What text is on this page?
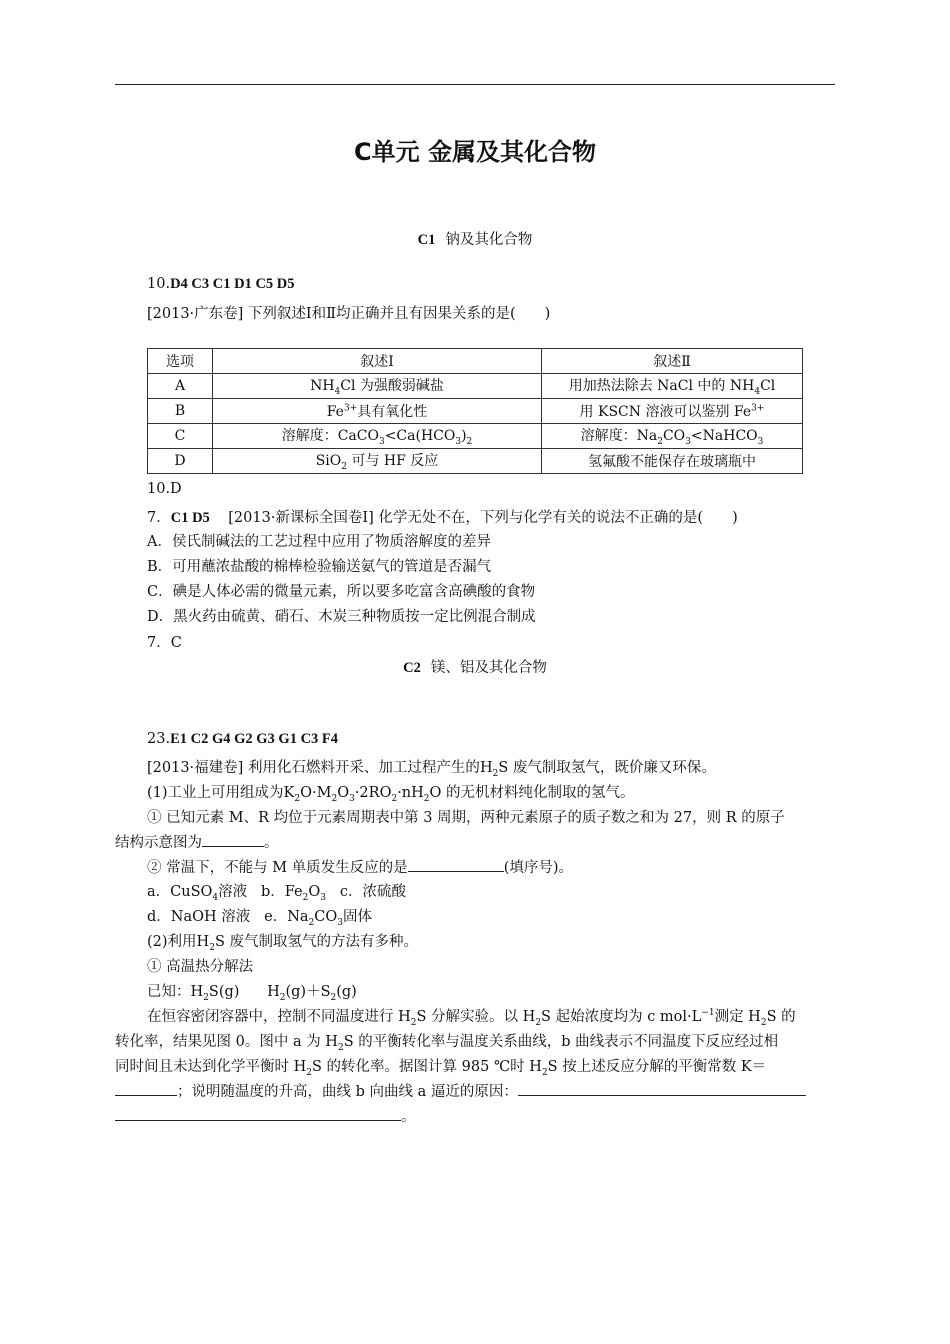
C单元 金属及其化合物
C1 钠及其化合物
10.D4 C3 C1 D1 C5 D5
[2013·广东卷] 下列叙述Ⅰ和Ⅱ均正确并且有因果关系的是(　　)
选项	叙述Ⅰ	叙述Ⅱ
A	$NH_4Cl$ 为强酸弱碱盐	用加热法除去 NaCl 中的 $NH_4Cl$
B	$Fe^{3+}$具有氧化性	用 KSCN 溶液可以鉴别 $Fe^{3+}$
C	溶解度：$CaCO_3<Ca(HCO_3)_2$	溶解度：$Na_2CO_3<NaHCO_3$
D	SiO$_2$ 可与 HF 反应	氢氟酸不能保存在玻璃瓶中
10.D
7．C1 D5 [2013·新课标全国卷Ⅰ] 化学无处不在，下列与化学有关的说法不正确的是(　　)
A．侯氏制碱法的工艺过程中应用了物质溶解度的差异
B．可用蘸浓盐酸的棉棒检验输送氨气的管道是否漏气
C．碘是人体必需的微量元素，所以要多吃富含高碘酸的食物
D．黑火药由硫黄、硝石、木炭三种物质按一定比例混合制成
7．C
C2 镁、铝及其化合物
23.E1 C2 G4 G2 G3 G1 C3 F4
[2013·福建卷] 利用化石燃料开采、加工过程产生的$H_2S$ 废气制取氢气，既价廉又环保。
(1)工业上可用组成为$K_2O\cdot M_2O_3\cdot 2RO_2\cdot nH_2O$ 的无机材料纯化制取的氢气。
① 已知元素 M、R 均位于元素周期表中第 3 周期，两种元素原子的质子数之和为 27，则 R 的原子
结构示意图为	。
② 常温下，不能与 M 单质发生反应的是	(填序号)。
a．CuSO$_4$溶液 b．$Fe_2O_3$ c．浓硫酸
d．NaOH 溶液 e．$Na_2CO_3$固体
(2)利用$H_2S$ 废气制取氢气的方法有多种。
① 高温热分解法
已知：$H_2S(g)$      $H_2(g)+S_2(g)$
在恒容密闭容器中，控制不同温度进行 $H_2S$ 分解实验。以 $H_2S$ 起始浓度均为 c $mol\cdot L^{-1}$测定 $H_2S$ 的
转化率，结果见图 0。图中 a 为 $H_2S$ 的平衡转化率与温度关系曲线，b 曲线表示不同温度下反应经过相
同时间且未达到化学平衡时 $H_2S$ 的转化率。据图计算 985 ℃时 $H_2S$ 按上述反应分解的平衡常数 K＝
；说明随温度的升高，曲线 b 向曲线 a 逼近的原因：
。
